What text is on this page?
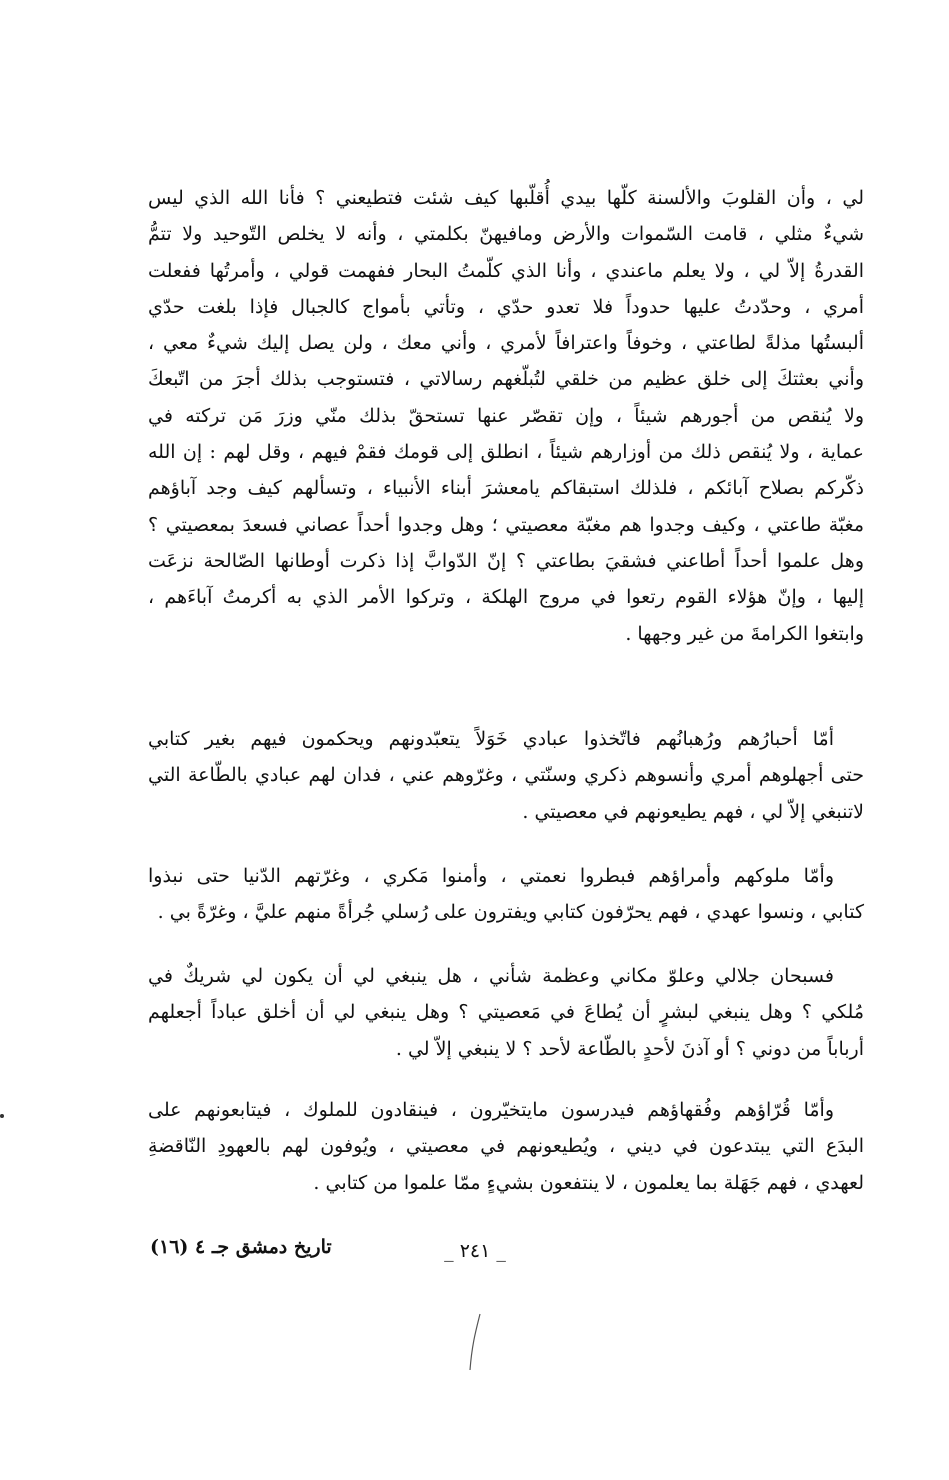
لي ، وأن القلوبَ والألسنة كلّها بيدي أُقلّبها كيف شئت فتطيعني ؟ فأنا الله الذي ليس
شيءٌ مثلي ، قامت السّموات والأرض ومافيهنّ بكلمتي ، وأنه لا يخلص التّوحيد ولا تتمُّ
القدرةُ إلاّ لي ، ولا يعلم ماعندي ، وأنا الذي كلّمتُ البحار ففهمت قولي ، وأمرتُها ففعلت
أمري ، وحدّدتُ عليها حدوداً فلا تعدو حدّي ، وتأتي بأمواج كالجبال فإذا بلغت حدّي
ألبستُها مذلةً لطاعتي ، وخوفاً واعترافاً لأمري ، وأني معك ، ولن يصل إليك شيءٌ معي ،
وأني بعثتكَ إلى خلق عظيم من خلقي لتُبلّغهم رسالاتي ، فتستوجب بذلك أجرَ من اتّبعكَ
ولا يُنقص من أجورهم شيئاً ، وإن تقصّر عنها تستحقّ بذلك منّي وزرَ مَن تركته في
عماية ، ولا يُنقص ذلك من أوزارهم شيئاً ، انطلق إلى قومك فقمْ فيهم ، وقل لهم : إن الله
ذكّركم بصلاح آبائكم ، فلذلك استبقاكم يامعشرَ أبناء الأنبياء ، وتسألهم كيف وجد آباؤهم
مغبّة طاعتي ، وكيف وجدوا هم مغبّة معصيتي ؛ وهل وجدوا أحداً عصاني فسعدَ بمعصيتي ؟
وهل علموا أحداً أطاعني فشقيَ بطاعتي ؟ إنّ الدّوابَّ إذا ذكرت أوطانها الصّالحة نزعَت
إليها ، وإنّ هؤلاء القوم رتعوا في مروج الهلكة ، وتركوا الأمر الذي به أكرمتُ آباءَهم ،
وابتغوا الكرامةَ من غير وجهها .
أمّا أحبارُهم ورُهبانُهم فاتّخذوا عبادي خَوَلاً يتعبّدونهم ويحكمون فيهم بغير كتابي
حتى أجهلوهم أمري وأنسوهم ذكري وسنّتي ، وغرّوهم عني ، فدان لهم عبادي بالطّاعة التي
لاتنبغي إلاّ لي ، فهم يطيعونهم في معصيتي .
وأمّا ملوكهم وأمراؤهم فبطروا نعمتي ، وأمنوا مَكري ، وغرّتهم الدّنيا حتى نبذوا
كتابي ، ونسوا عهدي ، فهم يحرّفون كتابي ويفترون على رُسلي جُرأةً منهم عليَّ ، وغرّةً بي .
فسبحان جلالي وعلوّ مكاني وعظمة شأني ، هل ينبغي لي أن يكون لي شريكٌ في
مُلكي ؟ وهل ينبغي لبشرٍ أن يُطاعَ في مَعصيتي ؟ وهل ينبغي لي أن أخلق عباداً أجعلهم
أرباباً من دوني ؟ أو آذنَ لأحدٍ بالطّاعة لأحد ؟ لا ينبغي إلاّ لي .
وأمّا قُرّاؤهم وفُقهاؤهم فيدرسون مايتخيّرون ، فينقادون للملوك ، فيتابعونهم على
البدَع التي يبتدعون في ديني ، ويُطيعونهم في معصيتي ، ويُوفون لهم بالعهودِ النّاقضةِ
لعهدي ، فهم جَهَلة بما يعلمون ، لا ينتفعون بشيءٍ ممّا علموا من كتابي .
تاريخ دمشق جـ ٤ (١٦)	_ ٢٤١ _
